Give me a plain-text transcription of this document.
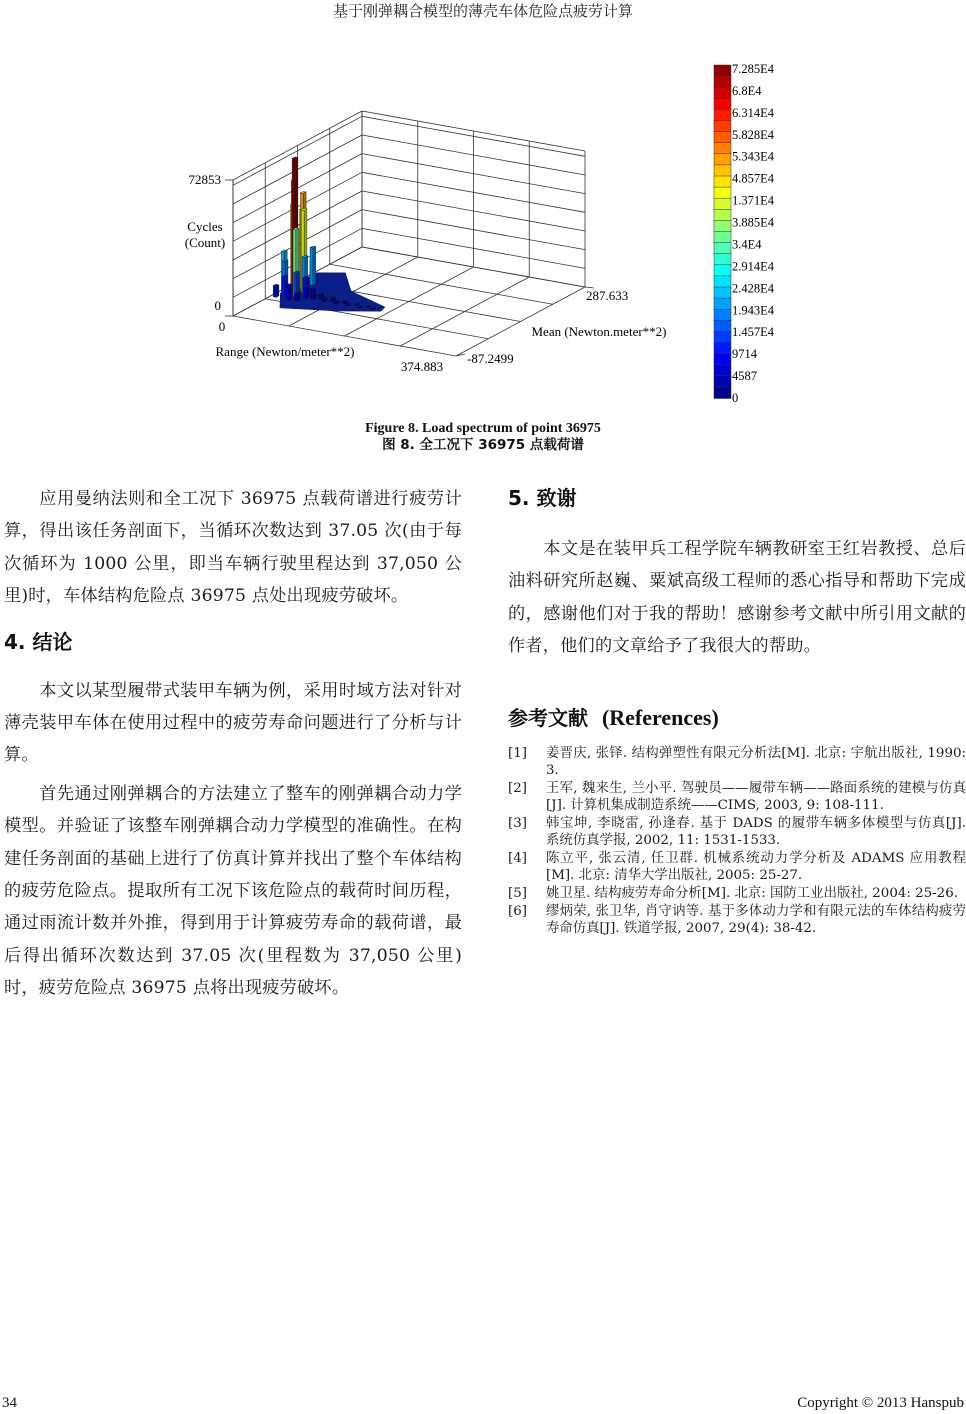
基于刚弹耦合模型的薄壳车体危险点疲劳计算
72853
0
Cycles
(Count)
0
Range (Newton/meter**2)
374.883
-87.2499
Mean (Newton.meter**2)
287.633
7.285E4
6.8E4
6.314E4
5.828E4
5.343E4
4.857E4
1.371E4
3.885E4
3.4E4
2.914E4
2.428E4
1.943E4
1.457E4
9714
4587
0
Figure 8. Load spectrum of point 36975
图 8. 全工况下 36975 点载荷谱

应用曼纳法则和全工况下 36975 点载荷谱进行疲劳计算，得出该任务剖面下，当循环次数达到 37.05 次(由于每次循环为 1000 公里，即当车辆行驶里程达到 37,050 公里)时，车体结构危险点 36975 点处出现疲劳破坏。

4. 结论

本文以某型履带式装甲车辆为例，采用时域方法对针对薄壳装甲车体在使用过程中的疲劳寿命问题进行了分析与计算。

首先通过刚弹耦合的方法建立了整车的刚弹耦合动力学模型。并验证了该整车刚弹耦合动力学模型的准确性。在构建任务剖面的基础上进行了仿真计算并找出了整个车体结构的疲劳危险点。提取所有工况下该危险点的载荷时间历程，通过雨流计数并外推，得到用于计算疲劳寿命的载荷谱，最后得出循环次数达到 37.05 次(里程数为 37,050 公里)时，疲劳危险点 36975 点将出现疲劳破坏。

5. 致谢

本文是在装甲兵工程学院车辆教研室王红岩教授、总后油料研究所赵巍、粟斌高级工程师的悉心指导和帮助下完成的，感谢他们对于我的帮助！感谢参考文献中所引用文献的作者，他们的文章给予了我很大的帮助。

参考文献 (References)
[1]	姜晋庆, 张铎. 结构弹塑性有限元分析法[M]. 北京: 宇航出版社, 1990: 3.
[2]	王军, 魏来生, 兰小平. 驾驶员——履带车辆——路面系统的建模与仿真[J]. 计算机集成制造系统——CIMS, 2003, 9: 108-111.
[3]	韩宝坤, 李晓雷, 孙逢春. 基于 DADS 的履带车辆多体模型与仿真[J]. 系统仿真学报, 2002, 11: 1531-1533.
[4]	陈立平, 张云清, 任卫群. 机械系统动力学分析及 ADAMS 应用教程[M]. 北京: 清华大学出版社, 2005: 25-27.
[5]	姚卫星. 结构疲劳寿命分析[M]. 北京: 国防工业出版社, 2004: 25-26.
[6]	缪炳荣, 张卫华, 肖守讷等. 基于多体动力学和有限元法的车体结构疲劳寿命仿真[J]. 铁道学报, 2007, 29(4): 38-42.
34	Copyright © 2013 Hanspub
